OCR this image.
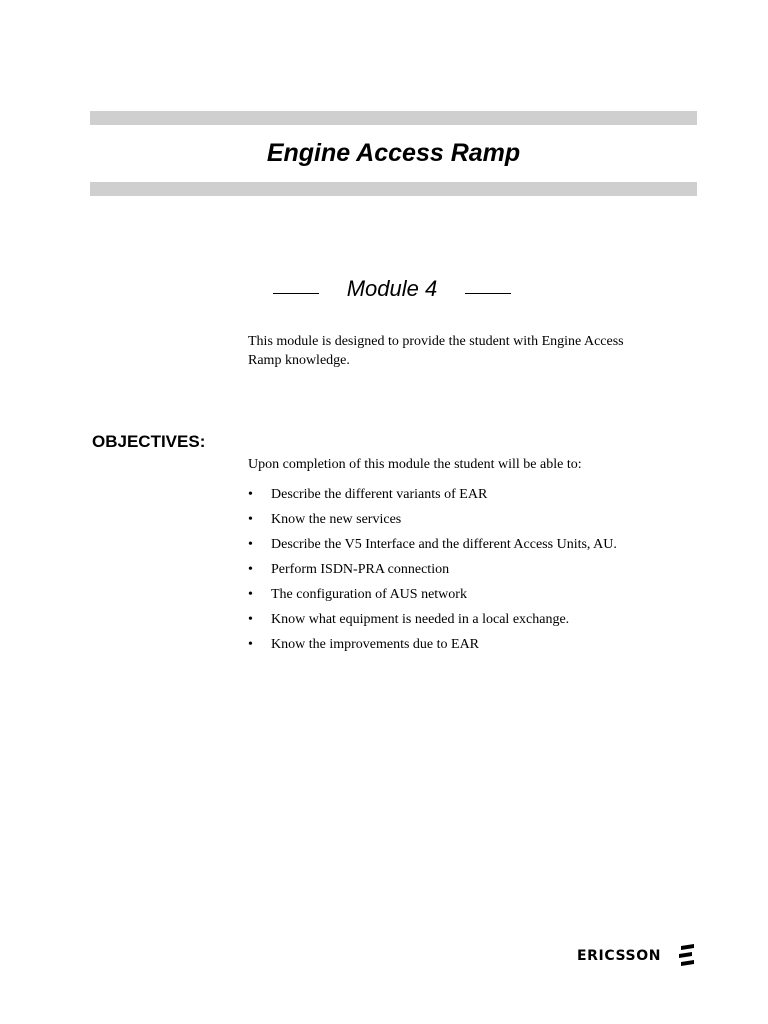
Engine Access Ramp
Module 4

This module is designed to provide the student with Engine Access Ramp knowledge.

OBJECTIVES:

Upon completion of this module the student will be able to:

•	Describe the different variants of EAR
•	Know the new services
•	Describe the V5 Interface and the different Access Units, AU.
•	Perform ISDN-PRA connection
•	The configuration of AUS network
•	Know what equipment is needed in a local exchange.
•	Know the improvements due to EAR
ERICSSON
